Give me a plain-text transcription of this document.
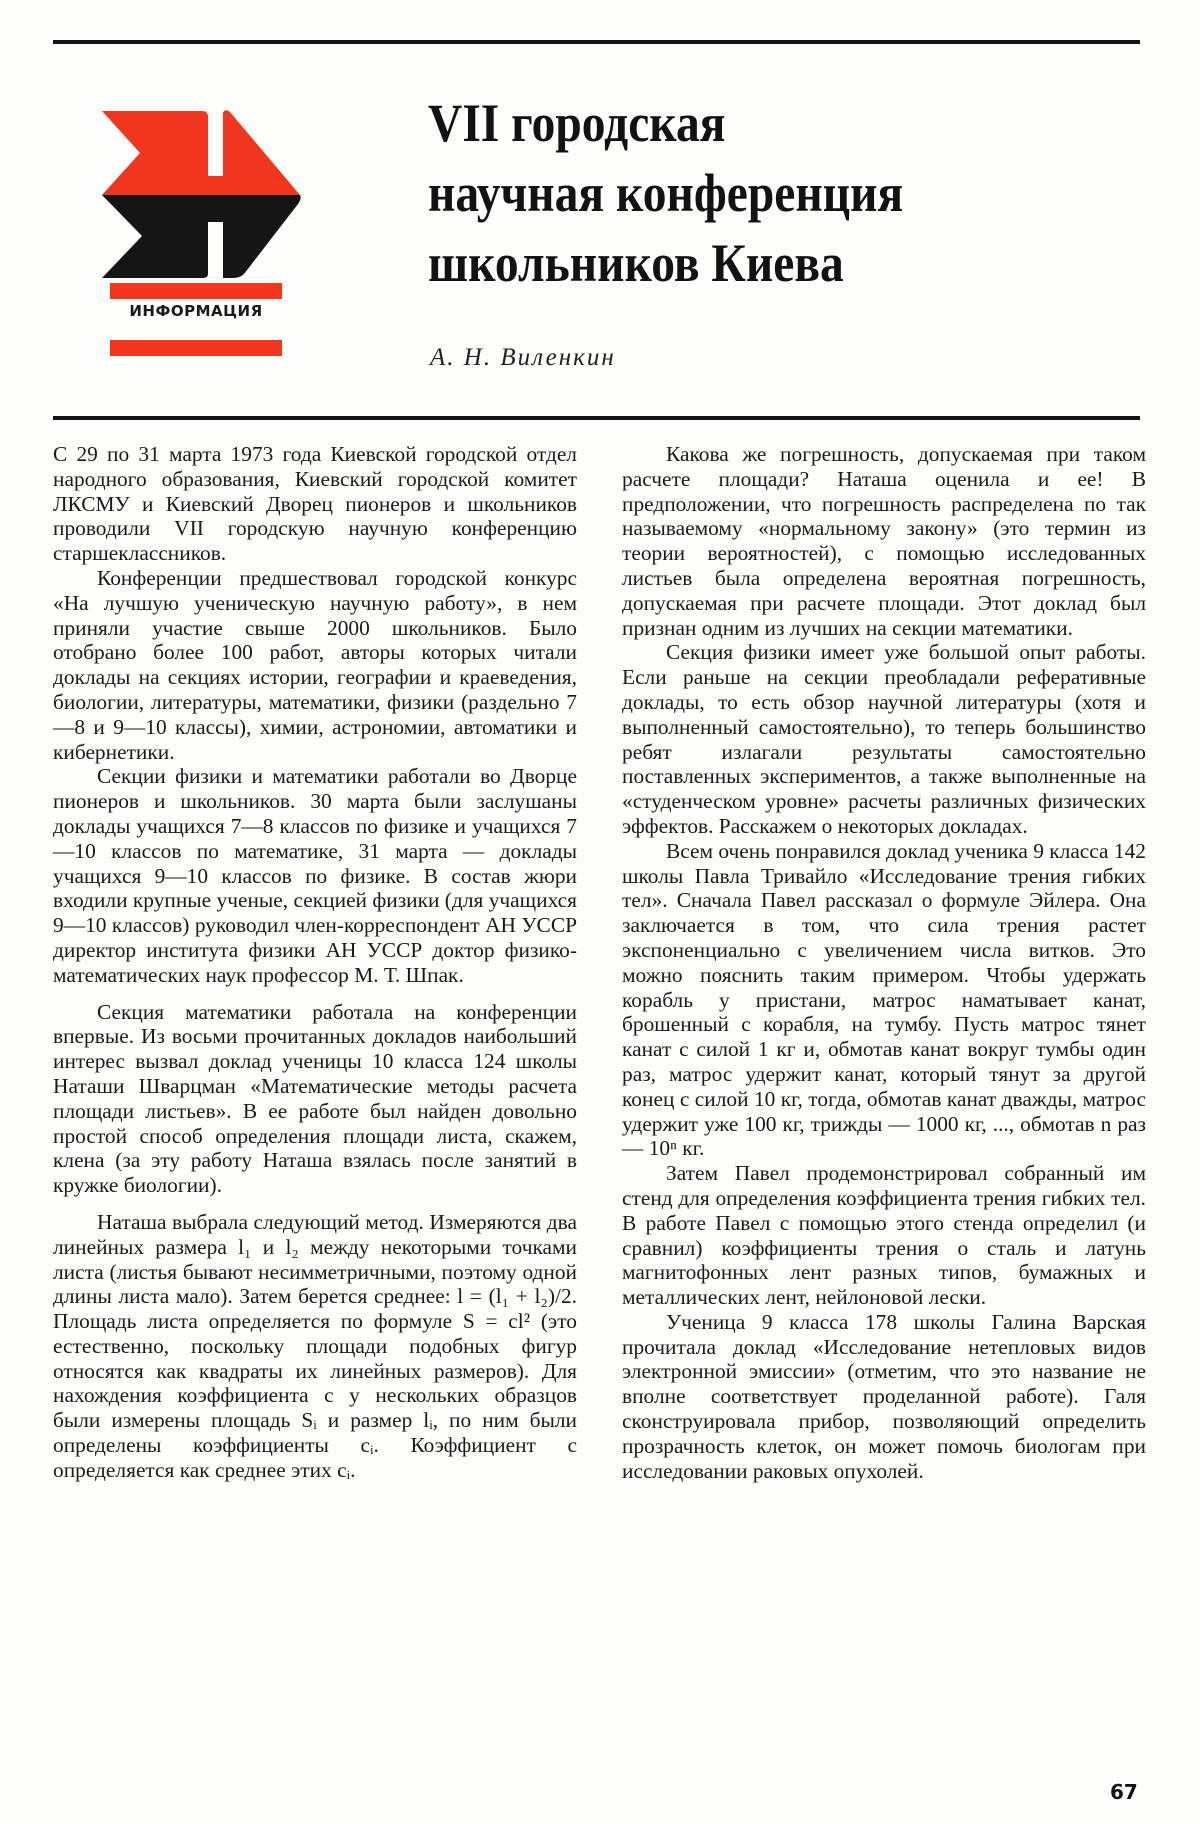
ИНФОРМАЦИЯ
VII городская
научная конференция
школьников Киева
А. Н. Виленкин

С 29 по 31 марта 1973 года Киевской городской отдел народного образования, Киевский городской комитет ЛКСМУ и Киевский Дворец пионеров и школьников проводили VII городскую научную конференцию старшеклассников.

Конференции предшествовал городской конкурс «На лучшую ученическую научную работу», в нем приняли участие свыше 2000 школьников. Было отобрано более 100 работ, авторы которых читали доклады на секциях истории, географии и краеведения, биологии, литературы, математики, физики (раздельно 7—8 и 9—10 классы), химии, астрономии, автоматики и кибернетики.

Секции физики и математики работали во Дворце пионеров и школьников. 30 марта были заслушаны доклады учащихся 7—8 классов по физике и учащихся 7—10 классов по математике, 31 марта — доклады учащихся 9—10 классов по физике. В состав жюри входили крупные ученые, секцией физики (для учащихся 9—10 классов) руководил член-корреспондент АН УССР директор института физики АН УССР доктор физико-математических наук профессор М. Т. Шпак.

Секция математики работала на конференции впервые. Из восьми прочитанных докладов наибольший интерес вызвал доклад ученицы 10 класса 124 школы Наташи Шварцман «Математические методы расчета площади листьев». В ее работе был найден довольно простой способ определения площади листа, скажем, клена (за эту работу Наташа взялась после занятий в кружке биологии).

Наташа выбрала следующий метод. Измеряются два линейных размера l₁ и l₂ между некоторыми точками листа (листья бывают несимметричными, поэтому одной длины листа мало). Затем берется среднее: l = (l₁ + l₂)/2. Площадь листа определяется по формуле S = cl² (это естественно, поскольку площади подобных фигур относятся как квадраты их линейных размеров). Для нахождения коэффициента c у нескольких образцов были измерены площадь Sᵢ и размер lᵢ, по ним были определены коэффициенты cᵢ. Коэффициент c определяется как среднее этих cᵢ.

Какова же погрешность, допускаемая при таком расчете площади? Наташа оценила и ее! В предположении, что погрешность распределена по так называемому «нормальному закону» (это термин из теории вероятностей), с помощью исследованных листьев была определена вероятная погрешность, допускаемая при расчете площади. Этот доклад был признан одним из лучших на секции математики.

Секция физики имеет уже большой опыт работы. Если раньше на секции преобладали реферативные доклады, то есть обзор научной литературы (хотя и выполненный самостоятельно), то теперь большинство ребят излагали результаты самостоятельно поставленных экспериментов, а также выполненные на «студенческом уровне» расчеты различных физических эффектов. Расскажем о некоторых докладах.

Всем очень понравился доклад ученика 9 класса 142 школы Павла Тривайло «Исследование трения гибких тел». Сначала Павел рассказал о формуле Эйлера. Она заключается в том, что сила трения растет экспоненциально с увеличением числа витков. Это можно пояснить таким примером. Чтобы удержать корабль у пристани, матрос наматывает канат, брошенный с корабля, на тумбу. Пусть матрос тянет канат с силой 1 кг и, обмотав канат вокруг тумбы один раз, матрос удержит канат, который тянут за другой конец с силой 10 кг, тогда, обмотав канат дважды, матрос удержит уже 100 кг, трижды — 1000 кг, ..., обмотав n раз — 10ⁿ кг.

Затем Павел продемонстрировал собранный им стенд для определения коэффициента трения гибких тел. В работе Павел с помощью этого стенда определил (и сравнил) коэффициенты трения о сталь и латунь магнитофонных лент разных типов, бумажных и металлических лент, нейлоновой лески.

Ученица 9 класса 178 школы Галина Варская прочитала доклад «Исследование нетепловых видов электронной эмиссии» (отметим, что это название не вполне соответствует проделанной работе). Галя сконструировала прибор, позволяющий определить прозрачность клеток, он может помочь биологам при исследовании раковых опухолей.

67
